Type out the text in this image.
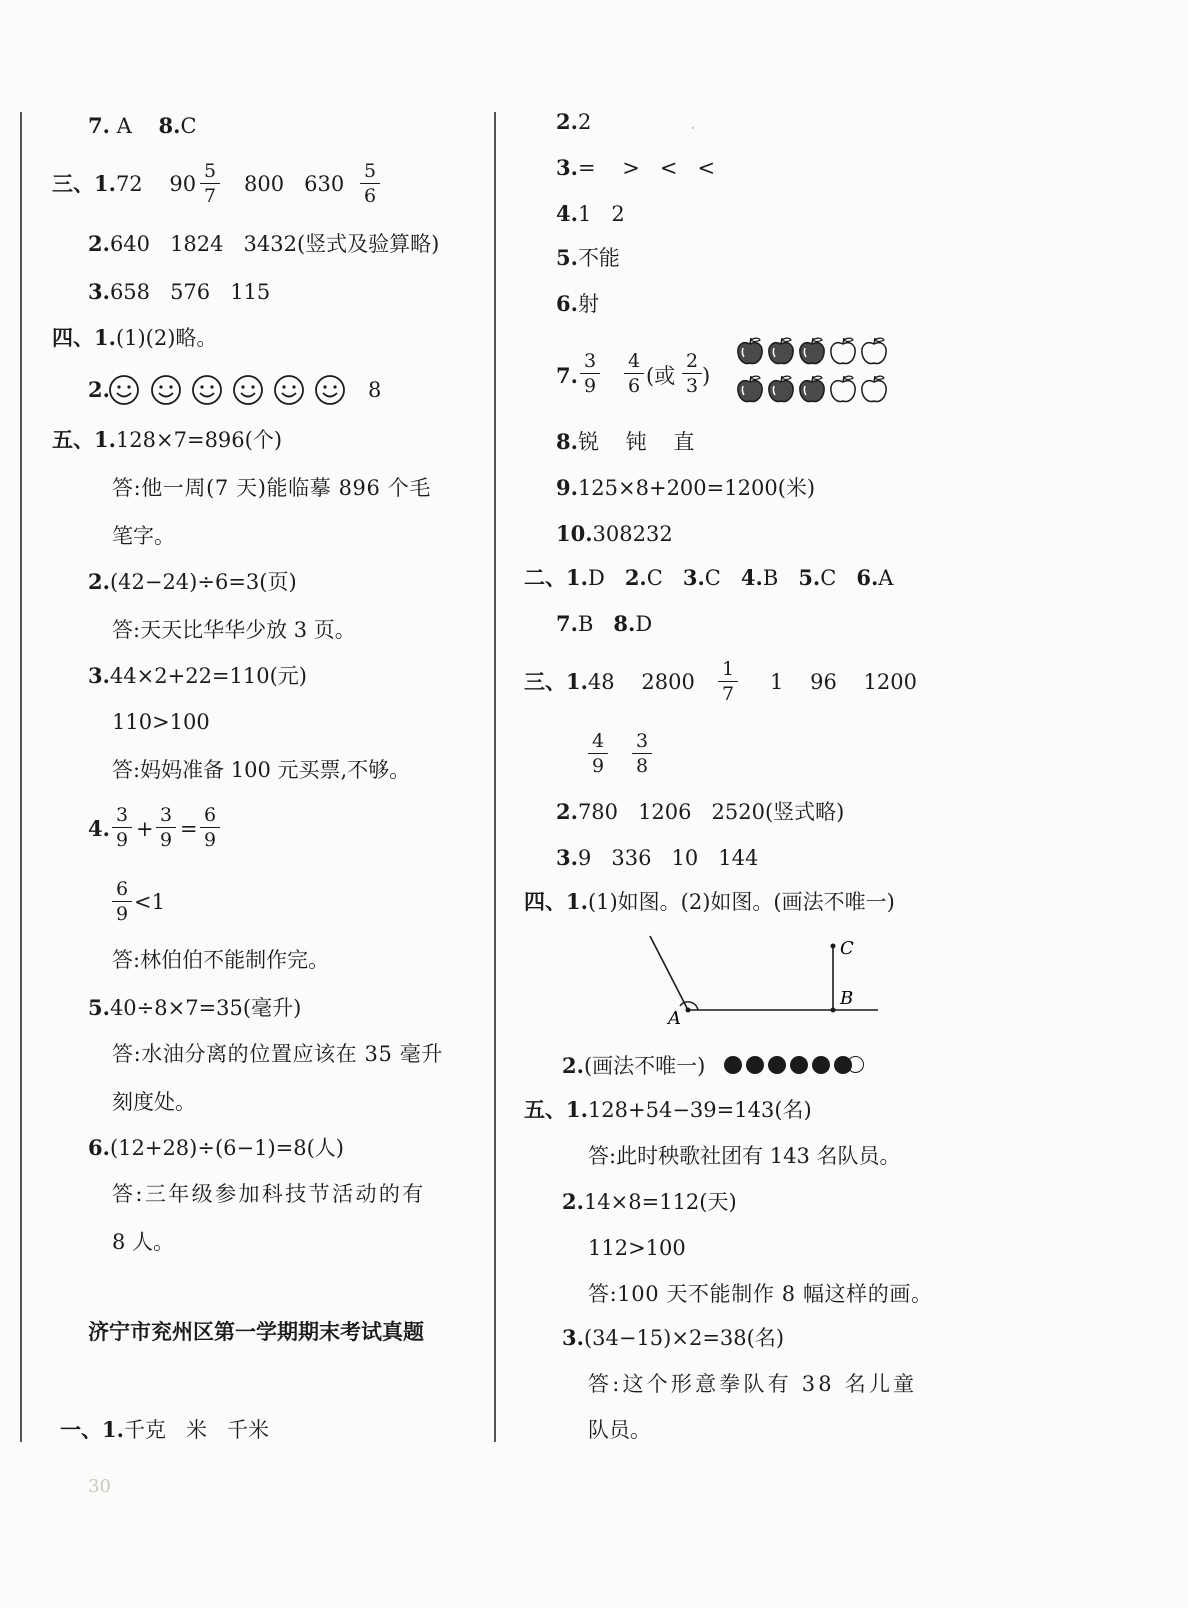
·
30
7. A 8.C
三、1.72 $90 \frac{5}{7} 800$ $630 \frac{5}{6}$
2.640 1824 3432(竖式及验算略)
3.658 576 115
四、1.(1)(2)略。
2.	8
五、1.128×7=896(个)
答:他一周(7 天)能临摹 896 个毛
笔字。
2.(42−24)÷6=3(页)
答:天天比华华少放 3 页。
3.44×2+22=110(元)
110>100
答:妈妈准备 100 元买票,不够。
4. $\frac{3}{9} + \frac{3}{9} = \frac{6}{9}$
$\frac{6}{9} <1$
答:林伯伯不能制作完。
5.40÷8×7=35(毫升)
答:水油分离的位置应该在 35 毫升
刻度处。
6.(12+28)÷(6−1)=8(人)
答:三年级参加科技节活动的有
8 人。
济宁市兖州区第一学期期末考试真题
一、1.千克 米 千米
2.2
3.= > < <
4.1 2
5.不能
6.射
7. $\frac{3}{9} \frac{4}{6}$ (或 $\frac{2}{3}$ )
8.锐 钝 直
9.125×8+200=1200(米)
10.308232
二、1.D 2.C 3.C 4.B 5.C 6.A
7.B 8.D
三、1.48 $2800 \frac{1}{7} 1$ 96 1200
$\frac{4}{9} \frac{3}{8}$
2.780 1206 2520(竖式略)
3.9 336 10 144
四、1.(1)如图。(2)如图。(画法不唯一)
A
B
C
2.(画法不唯一)
五、1.128+54−39=143(名)
答:此时秧歌社团有 143 名队员。
2.14×8=112(天)
112>100
答:100 天不能制作 8 幅这样的画。
3.(34−15)×2=38(名)
答:这个形意拳队有 38 名儿童
队员。
